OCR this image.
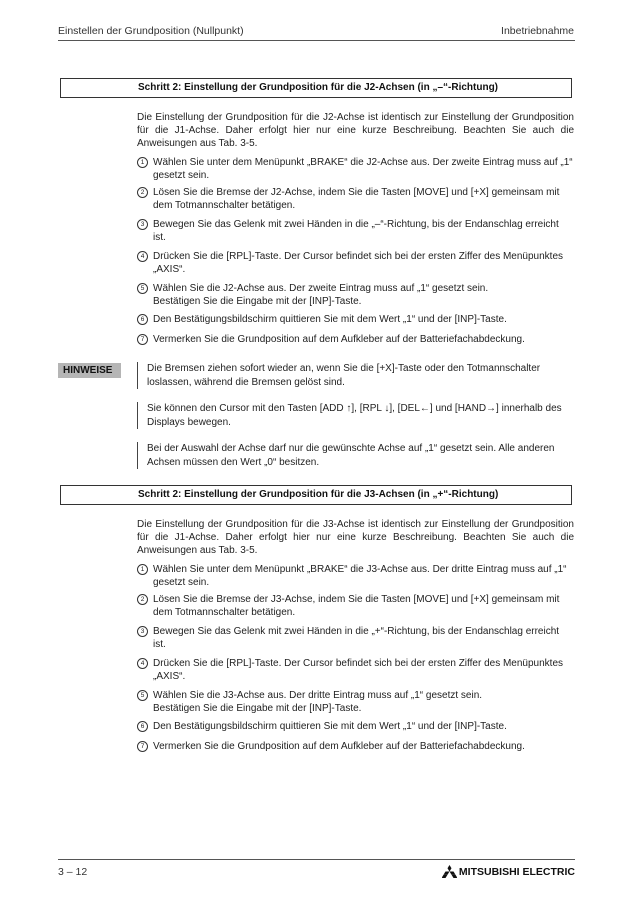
Einstellen der Grundposition (Nullpunkt)	Inbetriebnahme
Schritt 2: Einstellung der Grundposition für die J2-Achsen (in „–“-Richtung)

Die Einstellung der Grundposition für die J2-Achse ist identisch zur Einstellung der Grundposition für die J1-Achse. Daher erfolgt hier nur eine kurze Beschreibung. Beachten Sie auch die Anweisungen aus Tab. 3-5.

1 Wählen Sie unter dem Menüpunkt „BRAKE“ die J2-Achse aus. Der zweite Eintrag muss auf „1“ gesetzt sein.
2 Lösen Sie die Bremse der J2-Achse, indem Sie die Tasten [MOVE] und [+X] gemeinsam mit dem Totmannschalter betätigen.
3 Bewegen Sie das Gelenk mit zwei Händen in die „–“-Richtung, bis der Endanschlag erreicht ist.
4 Drücken Sie die [RPL]-Taste. Der Cursor befindet sich bei der ersten Ziffer des Menüpunktes „AXIS“.
5 Wählen Sie die J2-Achse aus. Der zweite Eintrag muss auf „1“ gesetzt sein.
Bestätigen Sie die Eingabe mit der [INP]-Taste.
6 Den Bestätigungsbildschirm quittieren Sie mit dem Wert „1“ und der [INP]-Taste.
7 Vermerken Sie die Grundposition auf dem Aufkleber auf der Batteriefachabdeckung.
HINWEISE	Die Bremsen ziehen sofort wieder an, wenn Sie die [+X]-Taste oder den Totmannschalter loslassen, während die Bremsen gelöst sind.

Sie können den Cursor mit den Tasten [ADD ↑], [RPL ↓], [DEL←] und [HAND→] innerhalb des Displays bewegen.

Bei der Auswahl der Achse darf nur die gewünschte Achse auf „1“ gesetzt sein. Alle anderen Achsen müssen den Wert „0“ besitzen.

Schritt 2: Einstellung der Grundposition für die J3-Achsen (in „+“-Richtung)

Die Einstellung der Grundposition für die J3-Achse ist identisch zur Einstellung der Grundposition für die J1-Achse. Daher erfolgt hier nur eine kurze Beschreibung. Beachten Sie auch die Anweisungen aus Tab. 3-5.

1 Wählen Sie unter dem Menüpunkt „BRAKE“ die J3-Achse aus. Der dritte Eintrag muss auf „1“ gesetzt sein.
2 Lösen Sie die Bremse der J3-Achse, indem Sie die Tasten [MOVE] und [+X] gemeinsam mit dem Totmannschalter betätigen.
3 Bewegen Sie das Gelenk mit zwei Händen in die „+“-Richtung, bis der Endanschlag erreicht ist.
4 Drücken Sie die [RPL]-Taste. Der Cursor befindet sich bei der ersten Ziffer des Menüpunktes „AXIS“.
5 Wählen Sie die J3-Achse aus. Der dritte Eintrag muss auf „1“ gesetzt sein.
Bestätigen Sie die Eingabe mit der [INP]-Taste.
6 Den Bestätigungsbildschirm quittieren Sie mit dem Wert „1“ und der [INP]-Taste.
7 Vermerken Sie die Grundposition auf dem Aufkleber auf der Batteriefachabdeckung.
3 – 12	MITSUBISHI ELECTRIC
